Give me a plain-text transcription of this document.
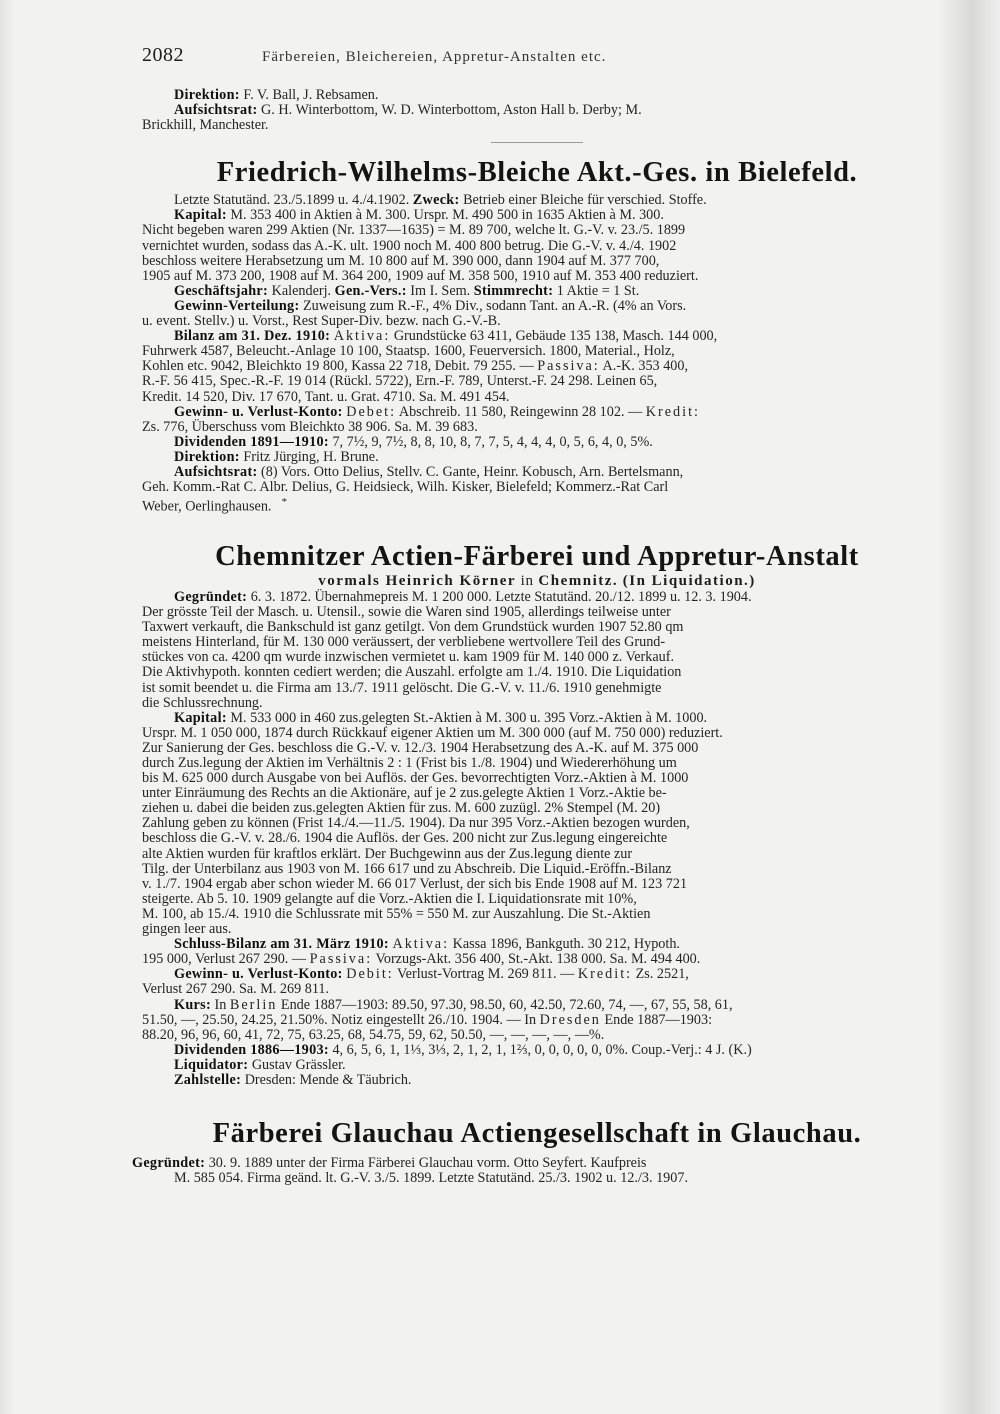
2082	Färbereien, Bleichereien, Appretur-Anstalten etc.
Direktion: F. V. Ball, J. Rebsamen.
Aufsichtsrat: G. H. Winterbottom, W. D. Winterbottom, Aston Hall b. Derby; M.
Brickhill, Manchester.
Friedrich-Wilhelms-Bleiche Akt.-Ges. in Bielefeld.
Letzte Statutänd. 23./5.1899 u. 4./4.1902. Zweck: Betrieb einer Bleiche für verschied. Stoffe.
Kapital: M. 353 400 in Aktien à M. 300. Urspr. M. 490 500 in 1635 Aktien à M. 300.
Nicht begeben waren 299 Aktien (Nr. 1337—1635) = M. 89 700, welche lt. G.-V. v. 23./5. 1899
vernichtet wurden, sodass das A.-K. ult. 1900 noch M. 400 800 betrug. Die G.-V. v. 4./4. 1902
beschloss weitere Herabsetzung um M. 10 800 auf M. 390 000, dann 1904 auf M. 377 700,
1905 auf M. 373 200, 1908 auf M. 364 200, 1909 auf M. 358 500, 1910 auf M. 353 400 reduziert.
Geschäftsjahr: Kalenderj. Gen.-Vers.: Im I. Sem. Stimmrecht: 1 Aktie = 1 St.
Gewinn-Verteilung: Zuweisung zum R.-F., 4% Div., sodann Tant. an A.-R. (4% an Vors.
u. event. Stellv.) u. Vorst., Rest Super-Div. bezw. nach G.-V.-B.
Bilanz am 31. Dez. 1910: Aktiva: Grundstücke 63 411, Gebäude 135 138, Masch. 144 000,
Fuhrwerk 4587, Beleucht.-Anlage 10 100, Staatsp. 1600, Feuerversich. 1800, Material., Holz,
Kohlen etc. 9042, Bleichkto 19 800, Kassa 22 718, Debit. 79 255. — Passiva: A.-K. 353 400,
R.-F. 56 415, Spec.-R.-F. 19 014 (Rückl. 5722), Ern.-F. 789, Unterst.-F. 24 298. Leinen 65,
Kredit. 14 520, Div. 17 670, Tant. u. Grat. 4710. Sa. M. 491 454.
Gewinn- u. Verlust-Konto: Debet: Abschreib. 11 580, Reingewinn 28 102. — Kredit:
Zs. 776, Überschuss vom Bleichkto 38 906. Sa. M. 39 683.
Dividenden 1891—1910: 7, 7½, 9, 7½, 8, 8, 10, 8, 7, 7, 5, 4, 4, 4, 0, 5, 6, 4, 0, 5%.
Direktion: Fritz Jürging, H. Brune.
Aufsichtsrat: (8) Vors. Otto Delius, Stellv. C. Gante, Heinr. Kobusch, Arn. Bertelsmann,
Geh. Komm.-Rat C. Albr. Delius, G. Heidsieck, Wilh. Kisker, Bielefeld; Kommerz.-Rat Carl
Weber, Oerlinghausen. *
Chemnitzer Actien-Färberei und Appretur-Anstalt
vormals Heinrich Körner in Chemnitz. (In Liquidation.)
Gegründet: 6. 3. 1872. Übernahmepreis M. 1 200 000. Letzte Statutänd. 20./12. 1899 u. 12. 3. 1904.
Der grösste Teil der Masch. u. Utensil., sowie die Waren sind 1905, allerdings teilweise unter
Taxwert verkauft, die Bankschuld ist ganz getilgt. Von dem Grundstück wurden 1907 52.80 qm
meistens Hinterland, für M. 130 000 veräussert, der verbliebene wertvollere Teil des Grund-
stückes von ca. 4200 qm wurde inzwischen vermietet u. kam 1909 für M. 140 000 z. Verkauf.
Die Aktivhypoth. konnten cediert werden; die Auszahl. erfolgte am 1./4. 1910. Die Liquidation
ist somit beendet u. die Firma am 13./7. 1911 gelöscht. Die G.-V. v. 11./6. 1910 genehmigte
die Schlussrechnung.
Kapital: M. 533 000 in 460 zus.gelegten St.-Aktien à M. 300 u. 395 Vorz.-Aktien à M. 1000.
Urspr. M. 1 050 000, 1874 durch Rückkauf eigener Aktien um M. 300 000 (auf M. 750 000) reduziert.
Zur Sanierung der Ges. beschloss die G.-V. v. 12./3. 1904 Herabsetzung des A.-K. auf M. 375 000
durch Zus.legung der Aktien im Verhältnis 2 : 1 (Frist bis 1./8. 1904) und Wiedererhöhung um
bis M. 625 000 durch Ausgabe von bei Auflös. der Ges. bevorrechtigten Vorz.-Aktien à M. 1000
unter Einräumung des Rechts an die Aktionäre, auf je 2 zus.gelegte Aktien 1 Vorz.-Aktie be-
ziehen u. dabei die beiden zus.gelegten Aktien für zus. M. 600 zuzügl. 2% Stempel (M. 20)
Zahlung geben zu können (Frist 14./4.—11./5. 1904). Da nur 395 Vorz.-Aktien bezogen wurden,
beschloss die G.-V. v. 28./6. 1904 die Auflös. der Ges. 200 nicht zur Zus.legung eingereichte
alte Aktien wurden für kraftlos erklärt. Der Buchgewinn aus der Zus.legung diente zur
Tilg. der Unterbilanz aus 1903 von M. 166 617 und zu Abschreib. Die Liquid.-Eröffn.-Bilanz
v. 1./7. 1904 ergab aber schon wieder M. 66 017 Verlust, der sich bis Ende 1908 auf M. 123 721
steigerte. Ab 5. 10. 1909 gelangte auf die Vorz.-Aktien die I. Liquidationsrate mit 10%,
M. 100, ab 15./4. 1910 die Schlussrate mit 55% = 550 M. zur Auszahlung. Die St.-Aktien
gingen leer aus.
Schluss-Bilanz am 31. März 1910: Aktiva: Kassa 1896, Bankguth. 30 212, Hypoth.
195 000, Verlust 267 290. — Passiva: Vorzugs-Akt. 356 400, St.-Akt. 138 000. Sa. M. 494 400.
Gewinn- u. Verlust-Konto: Debit: Verlust-Vortrag M. 269 811. — Kredit: Zs. 2521,
Verlust 267 290. Sa. M. 269 811.
Kurs: In Berlin Ende 1887—1903: 89.50, 97.30, 98.50, 60, 42.50, 72.60, 74, —, 67, 55, 58, 61,
51.50, —, 25.50, 24.25, 21.50%. Notiz eingestellt 26./10. 1904. — In Dresden Ende 1887—1903:
88.20, 96, 96, 60, 41, 72, 75, 63.25, 68, 54.75, 59, 62, 50.50, —, —, —, —, —%.
Dividenden 1886—1903: 4, 6, 5, 6, 1, 1⅓, 3⅓, 2, 1, 2, 1, 1⅔, 0, 0, 0, 0, 0, 0%. Coup.-Verj.: 4 J. (K.)
Liquidator: Gustav Grässler.
Zahlstelle: Dresden: Mende & Täubrich.
Färberei Glauchau Actiengesellschaft in Glauchau.
Gegründet: 30. 9. 1889 unter der Firma Färberei Glauchau vorm. Otto Seyfert. Kaufpreis
M. 585 054. Firma geänd. lt. G.-V. 3./5. 1899. Letzte Statutänd. 25./3. 1902 u. 12./3. 1907.
